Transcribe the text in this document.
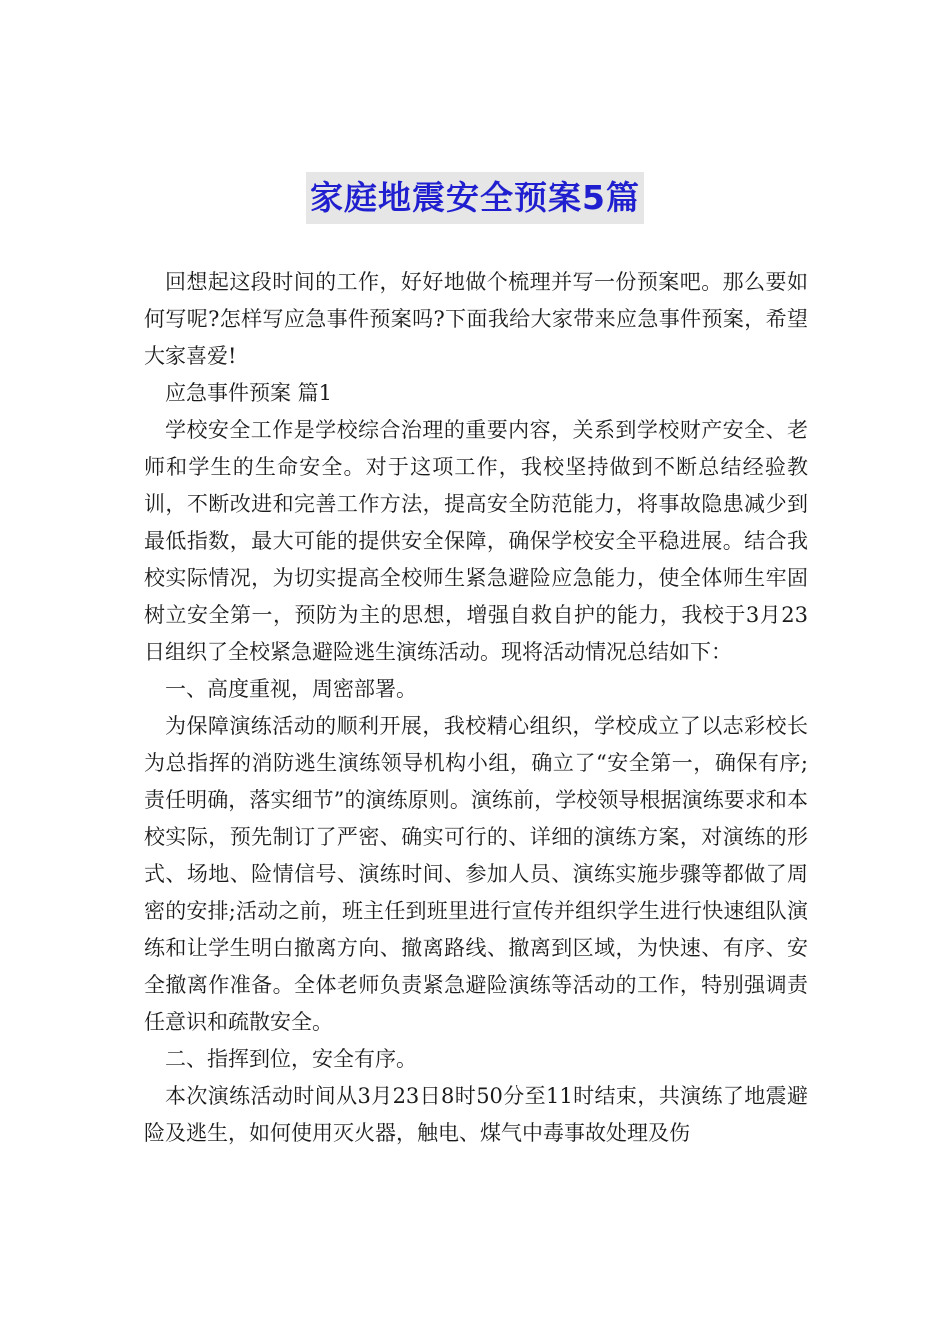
家庭地震安全预案5篇

回想起这段时间的工作，好好地做个梳理并写一份预案吧。那么要如何写呢?怎样写应急事件预案吗?下面我给大家带来应急事件预案，希望大家喜爱!

应急事件预案 篇1

学校安全工作是学校综合治理的重要内容，关系到学校财产安全、老师和学生的生命安全。对于这项工作，我校坚持做到不断总结经验教训，不断改进和完善工作方法，提高安全防范能力，将事故隐患减少到最低指数，最大可能的提供安全保障，确保学校安全平稳进展。结合我校实际情况，为切实提高全校师生紧急避险应急能力，使全体师生牢固树立安全第一，预防为主的思想，增强自救自护的能力，我校于3月23日组织了全校紧急避险逃生演练活动。现将活动情况总结如下：

一、高度重视，周密部署。

为保障演练活动的顺利开展，我校精心组织，学校成立了以志彩校长为总指挥的消防逃生演练领导机构小组，确立了“安全第一，确保有序;责任明确，落实细节”的演练原则。演练前，学校领导根据演练要求和本校实际，预先制订了严密、确实可行的、详细的演练方案，对演练的形式、场地、险情信号、演练时间、参加人员、演练实施步骤等都做了周密的安排;活动之前，班主任到班里进行宣传并组织学生进行快速组队演练和让学生明白撤离方向、撤离路线、撤离到区域，为快速、有序、安全撤离作准备。全体老师负责紧急避险演练等活动的工作，特别强调责任意识和疏散安全。

二、指挥到位，安全有序。

本次演练活动时间从3月23日8时50分至11时结束，共演练了地震避险及逃生，如何使用灭火器，触电、煤气中毒事故处理及伤
